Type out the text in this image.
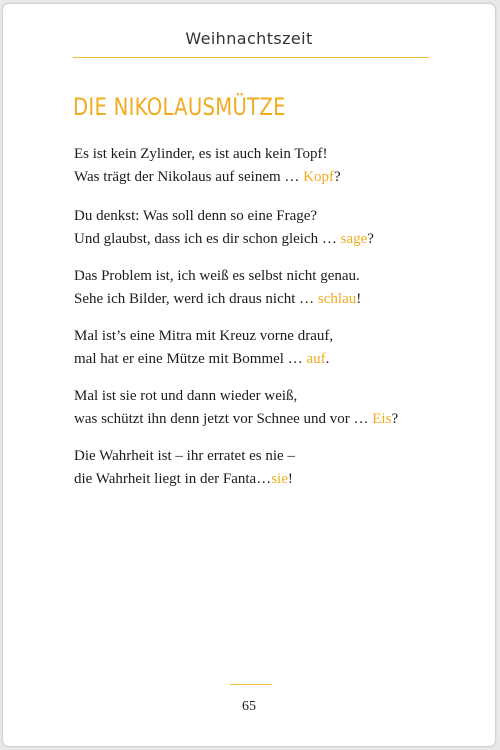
Weihnachtszeit
DIE NIKOLAUSMÜTZE

Es ist kein Zylinder, es ist auch kein Topf!
Was trägt der Nikolaus auf seinem … Kopf?

Du denkst: Was soll denn so eine Frage?
Und glaubst, dass ich es dir schon gleich … sage?

Das Problem ist, ich weiß es selbst nicht genau.
Sehe ich Bilder, werd ich draus nicht … schlau!

Mal ist’s eine Mitra mit Kreuz vorne drauf,
mal hat er eine Mütze mit Bommel … auf.

Mal ist sie rot und dann wieder weiß,
was schützt ihn denn jetzt vor Schnee und vor … Eis?

Die Wahrheit ist – ihr erratet es nie –
die Wahrheit liegt in der Fanta…sie!

65
